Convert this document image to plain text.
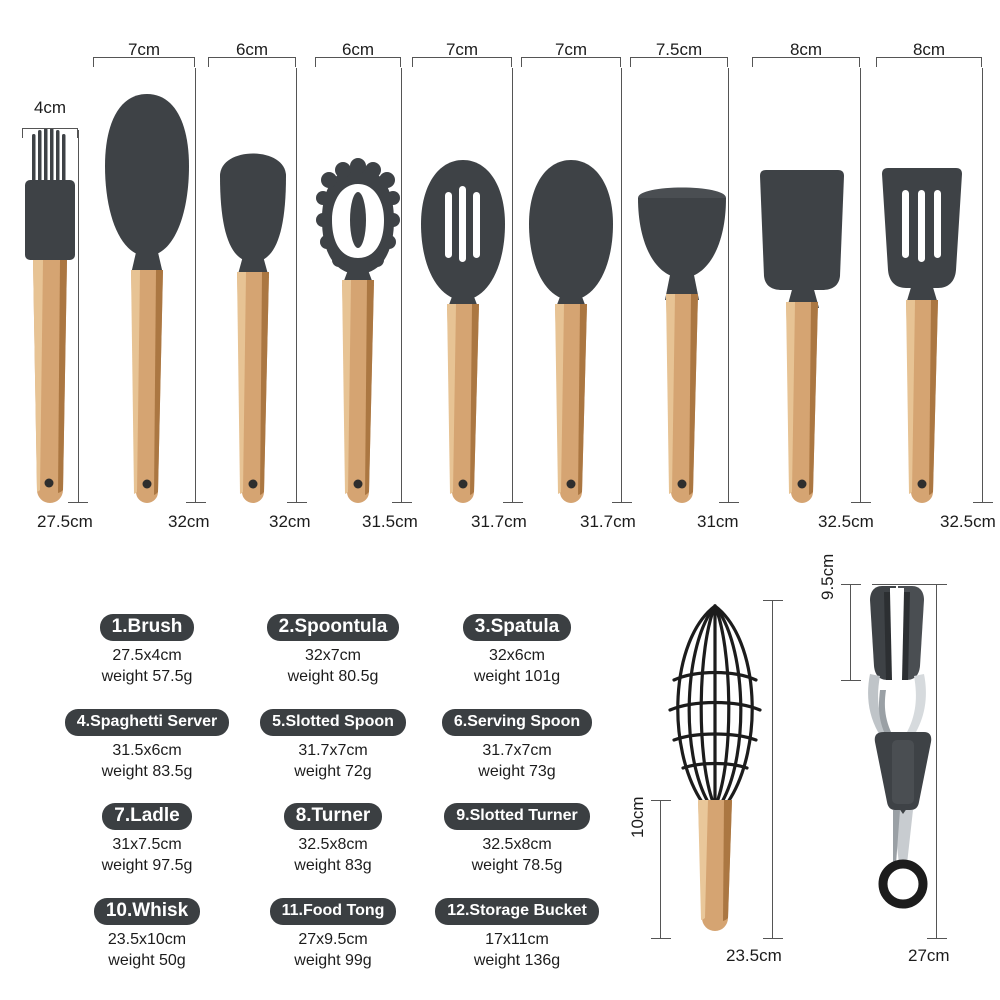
4cm
7cm	6cm	6cm	7cm	7cm	7.5cm	8cm	8cm
27.5cm	32cm	32cm	31.5cm	31.7cm	31.7cm	31cm	32.5cm	32.5cm
1.Brush
27.5x4cm
weight 57.5g
2.Spoontula
32x7cm
weight 80.5g
3.Spatula
32x6cm
weight 101g
4.Spaghetti Server
31.5x6cm
weight 83.5g
5.Slotted Spoon
31.7x7cm
weight 72g
6.Serving Spoon
31.7x7cm
weight 73g
7.Ladle
31x7.5cm
weight 97.5g
8.Turner
32.5x8cm
weight 83g
9.Slotted Turner
32.5x8cm
weight 78.5g
10.Whisk
23.5x10cm
weight 50g
11.Food Tong
27x9.5cm
weight 99g
12.Storage Bucket
17x11cm
weight 136g	23.5cm
10cm
9.5cm
27cm
